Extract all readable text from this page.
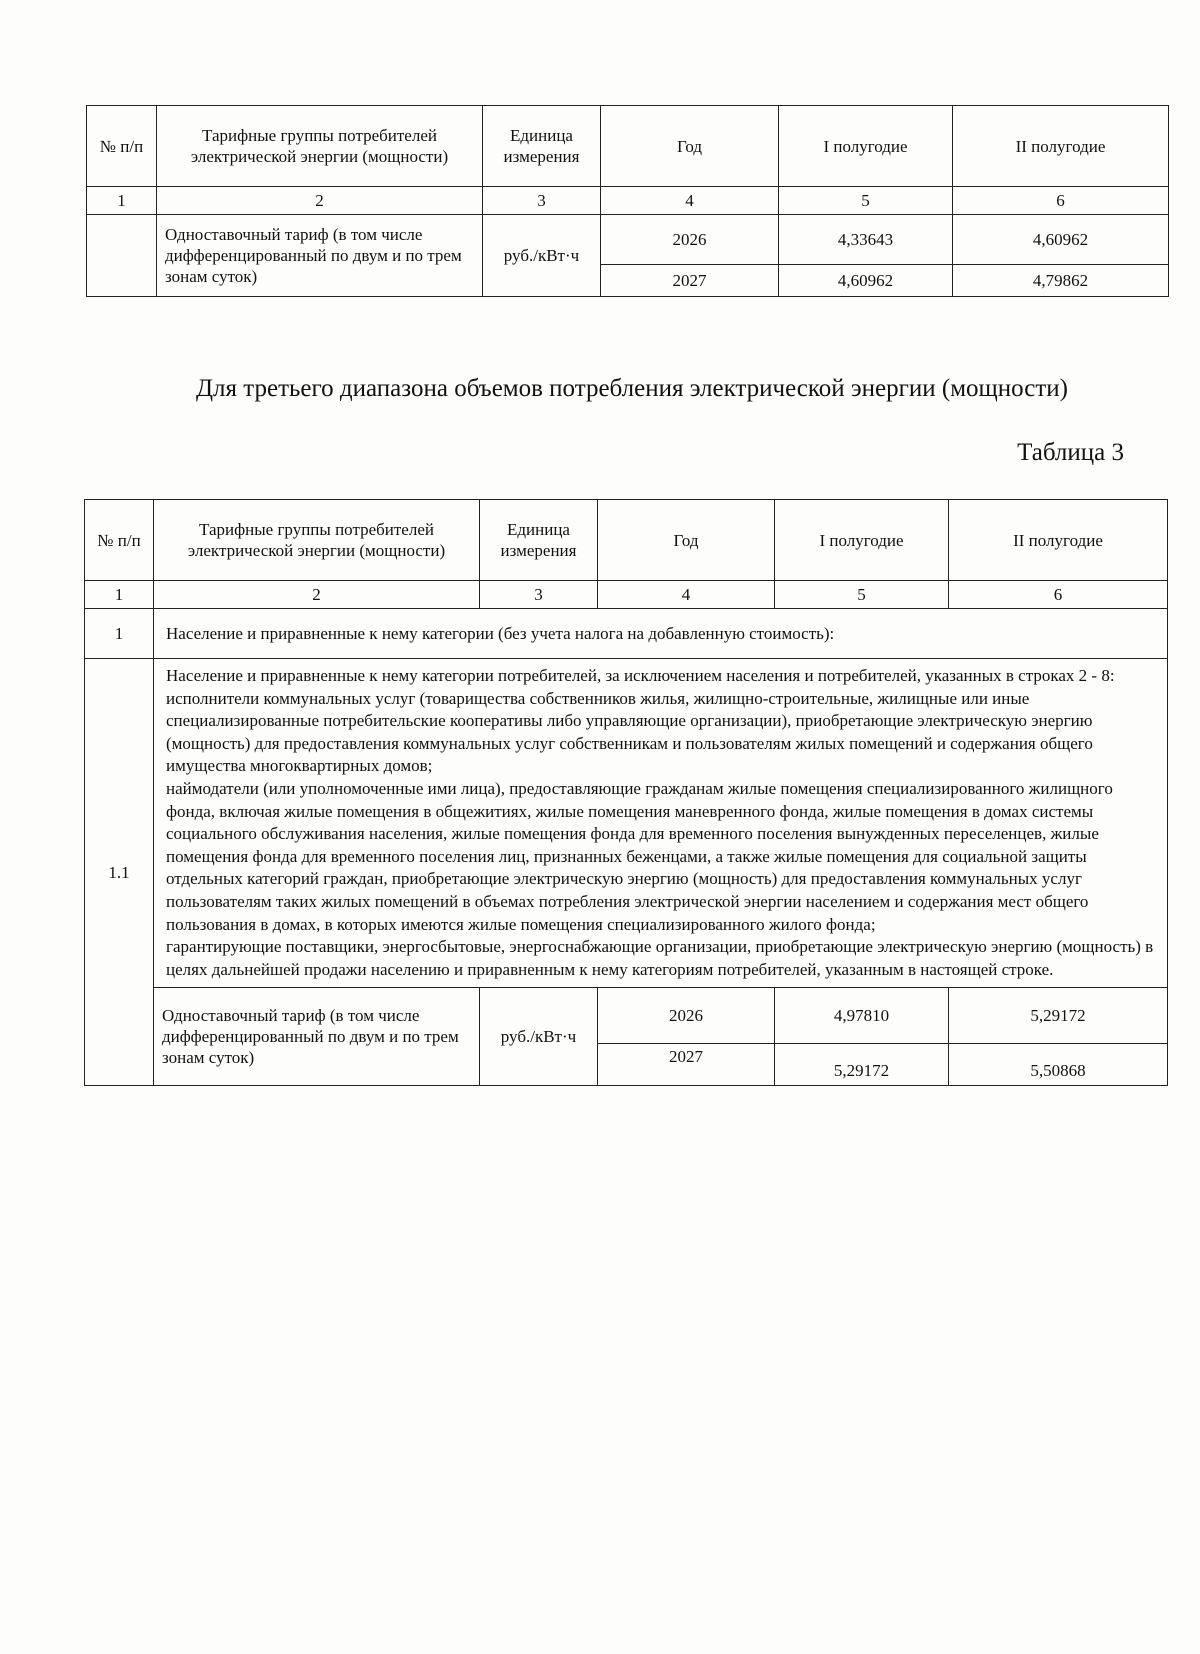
№ п/п	Тарифные группы потребителей электрической энергии (мощности)	Единица измерения	Год	I полугодие	II полугодие
1	2	3	4	5	6
	Одноставочный тариф (в том числе дифференцированный по двум и по трем зонам суток)	руб./кВт·ч	2026	4,33643	4,60962
			2027	4,60962	4,79862
Для третьего диапазона объемов потребления электрической энергии (мощности)
Таблица 3
№ п/п	Тарифные группы потребителей электрической энергии (мощности)	Единица измерения	Год	I полугодие	II полугодие
1	2	3	4	5	6
1	Население и приравненные к нему категории (без учета налога на добавленную стоимость):				
1.1	Население и приравненные к нему категории потребителей, за исключением населения и потребителей, указанных в строках 2 - 8:
исполнители коммунальных услуг (товарищества собственников жилья, жилищно-строительные, жилищные или иные специализированные потребительские кооперативы либо управляющие организации), приобретающие электрическую энергию (мощность) для предоставления коммунальных услуг собственникам и пользователям жилых помещений и содержания общего имущества многоквартирных домов;
наймодатели (или уполномоченные ими лица), предоставляющие гражданам жилые помещения специализированного жилищного фонда, включая жилые помещения в общежитиях, жилые помещения маневренного фонда, жилые помещения в домах системы социального обслуживания населения, жилые помещения фонда для временного поселения вынужденных переселенцев, жилые помещения фонда для временного поселения лиц, признанных беженцами, а также жилые помещения для социальной защиты отдельных категорий граждан, приобретающие электрическую энергию (мощность) для предоставления коммунальных услуг пользователям таких жилых помещений в объемах потребления электрической энергии населением и содержания мест общего пользования в домах, в которых имеются жилые помещения специализированного жилого фонда;
гарантирующие поставщики, энергосбытовые, энергоснабжающие организации, приобретающие электрическую энергию (мощность) в целях дальнейшей продажи населению и приравненным к нему категориям потребителей, указанным в настоящей строке.				

	Одноставочный тариф (в том числе дифференцированный по двум и по трем зонам суток)	руб./кВт·ч	2026	4,97810	5,29172
			2027	5,29172	5,50868
